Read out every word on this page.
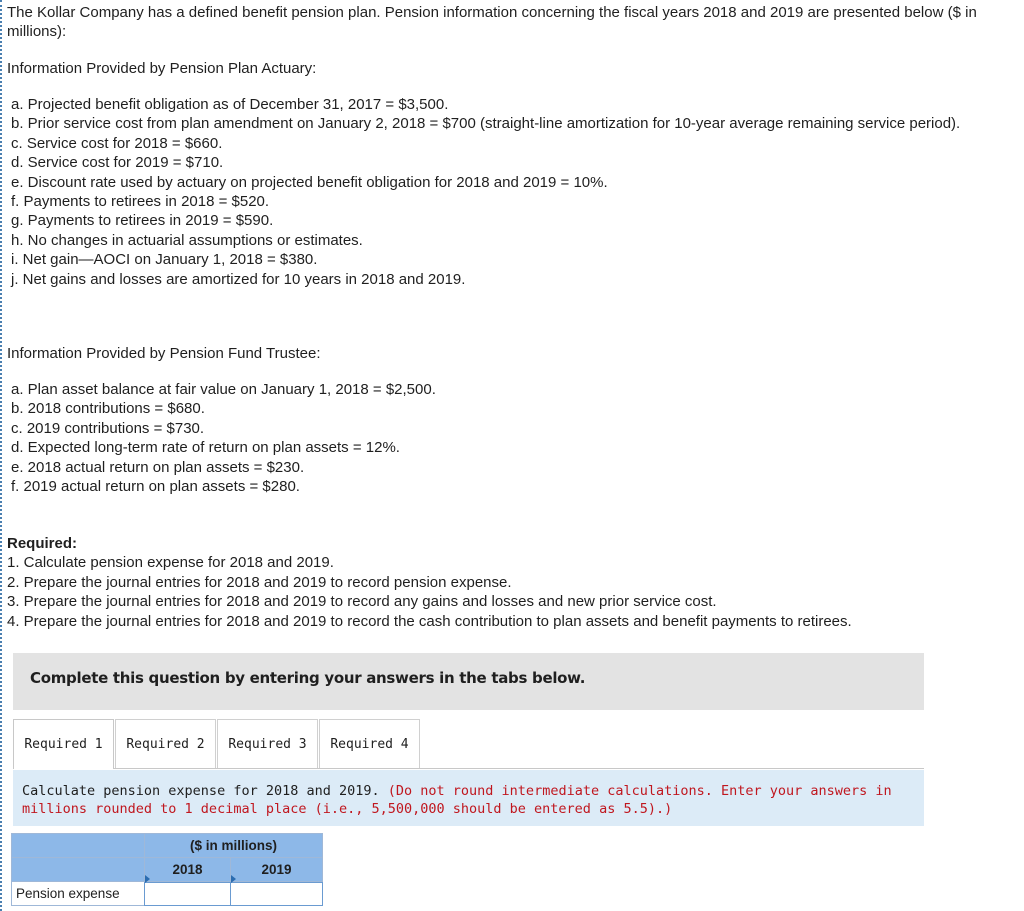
The Kollar Company has a defined benefit pension plan. Pension information concerning the fiscal years 2018 and 2019 are presented below ($ in millions):
Information Provided by Pension Plan Actuary:
a. Projected benefit obligation as of December 31, 2017 = $3,500.
b. Prior service cost from plan amendment on January 2, 2018 = $700 (straight-line amortization for 10-year average remaining service period).
c. Service cost for 2018 = $660.
d. Service cost for 2019 = $710.
e. Discount rate used by actuary on projected benefit obligation for 2018 and 2019 = 10%.
f. Payments to retirees in 2018 = $520.
g. Payments to retirees in 2019 = $590.
h. No changes in actuarial assumptions or estimates.
i. Net gain—AOCI on January 1, 2018 = $380.
j. Net gains and losses are amortized for 10 years in 2018 and 2019.
Information Provided by Pension Fund Trustee:
a. Plan asset balance at fair value on January 1, 2018 = $2,500.
b. 2018 contributions = $680.
c. 2019 contributions = $730.
d. Expected long-term rate of return on plan assets = 12%.
e. 2018 actual return on plan assets = $230.
f. 2019 actual return on plan assets = $280.
Required:
1. Calculate pension expense for 2018 and 2019.
2. Prepare the journal entries for 2018 and 2019 to record pension expense.
3. Prepare the journal entries for 2018 and 2019 to record any gains and losses and new prior service cost.
4. Prepare the journal entries for 2018 and 2019 to record the cash contribution to plan assets and benefit payments to retirees.
Complete this question by entering your answers in the tabs below.
Required 1	Required 2	Required 3	Required 4

Calculate pension expense for 2018 and 2019. (Do not round intermediate calculations. Enter your answers in millions rounded to 1 decimal place (i.e., 5,500,000 should be entered as 5.5).)

	($ in millions)	
	2018	2019
Pension expense	
